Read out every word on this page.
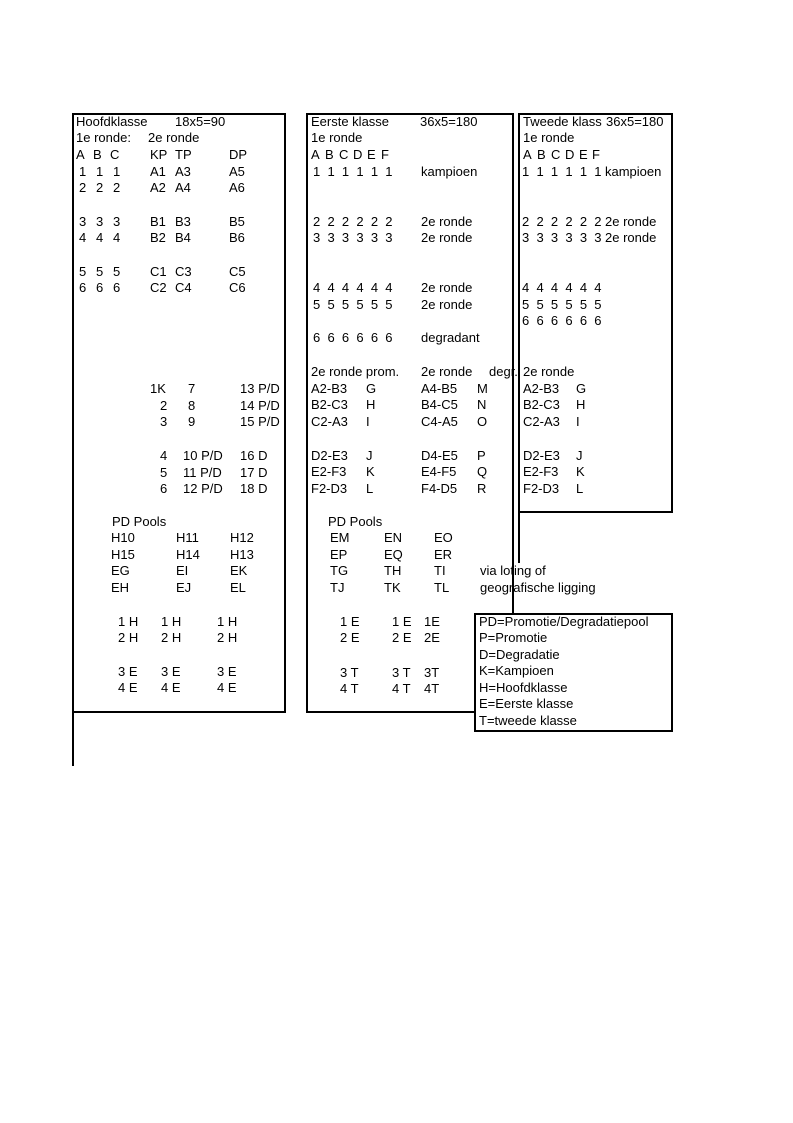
Hoofdklasse 18x5=90
1e ronde: 2e ronde
A B C KP TP	DP
1 1 1 A1 A3	A5
2 2 2 A2 A4	A6
3 3 3 B1 B3	B5
4 4 4 B2 B4	B6
5 5 5 C1 C3	C5
6 6 6 C2 C4	C6
1K 7	13 P/D
2 8	14 P/D
3 9	15 P/D
4 10 P/D 16 D
5 11 P/D 17 D
6 12 P/D 18 D
PD Pools
H10	H11 H12
H15	H14 H13
EG	EI	EK
EH	EJ	EL
1 H 1 H	1 H
2 H 2 H	2 H
3 E 3 E	3 E
4 E 4 E	4 E
Eerste klasse 36x5=180
1e ronde
A B C D E F
1  1  1  1  1  1 kampioen
2  2  2  2  2  2 2e ronde
3  3  3  3  3  3 2e ronde
4  4  4  4  4  4 2e ronde
5  5  5  5  5  5 2e ronde
6  6  6  6  6  6 degradant
2e ronde prom. 2e ronde degr.
A2-B3 G	A4-B5 M
B2-C3 H	B4-C5 N
C2-A3 I	C4-A5 O
D2-E3 J	D4-E5 P
E2-F3 K	E4-F5 Q
F2-D3 L	F4-D5 R
PD Pools
EM	EN EO
EP	EQ ER
TG	TH	TI
TJ	TK	TL
1 E 1 E 1E
2 E 2 E 2E
3 T	3 T 3T
4 T	4 T 4T
Tweede klass 36x5=180
1e ronde
A B C D E F
1  1  1  1  1  1 kampioen
2  2  2  2  2  2 2e ronde
3  3  3  3  3  3 2e ronde
4  4  4  4  4  4
5  5  5  5  5  5
6  6  6  6  6  6
2e ronde
A2-B3 G
B2-C3 H
C2-A3 I
D2-E3 J
E2-F3 K
F2-D3 L
via loting of
geografische ligging
PD=Promotie/Degradatiepool
P=Promotie
D=Degradatie
K=Kampioen
H=Hoofdklasse
E=Eerste klasse
T=tweede klasse
